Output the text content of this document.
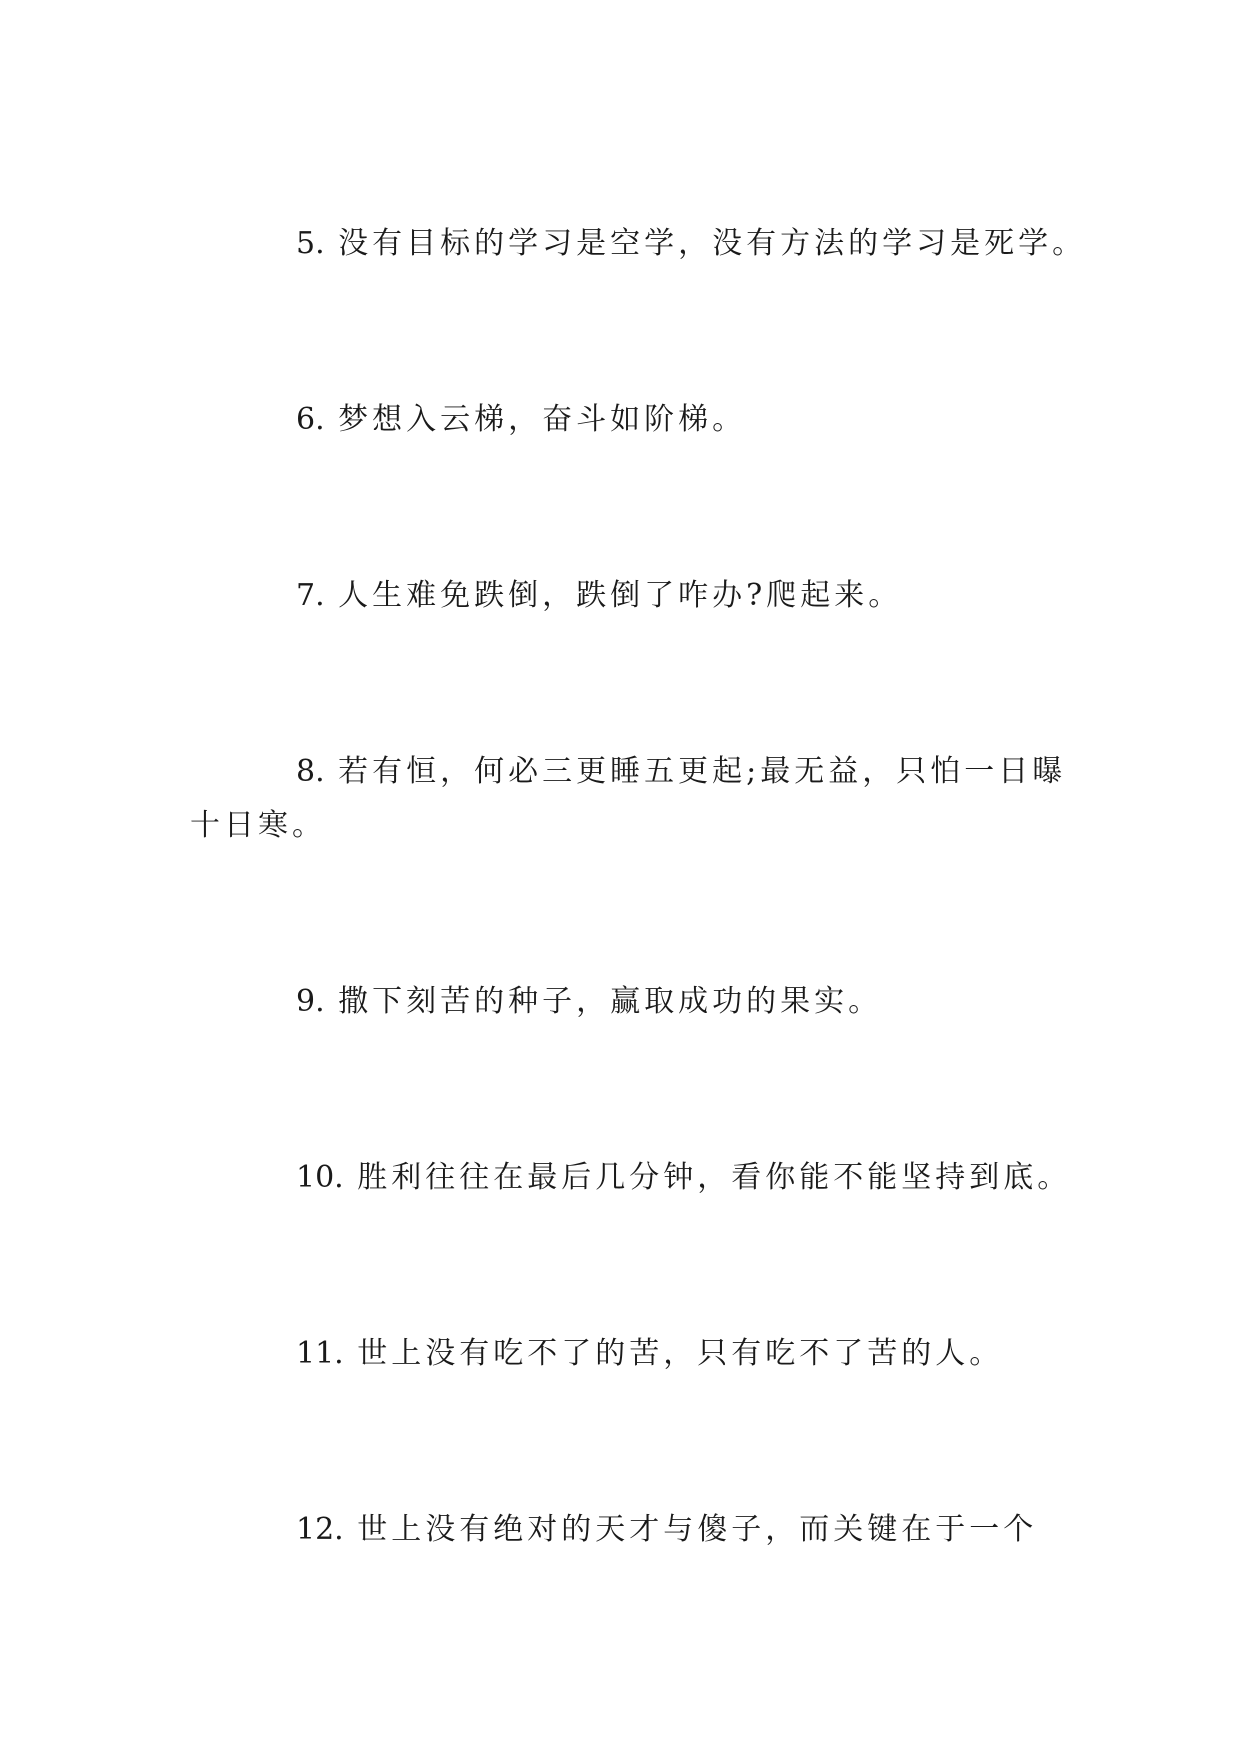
5. 没有目标的学习是空学，没有方法的学习是死学。
6. 梦想入云梯，奋斗如阶梯。
7. 人生难免跌倒，跌倒了咋办?爬起来。
8. 若有恒，何必三更睡五更起;最无益，只怕一日曝
十日寒。
9. 撒下刻苦的种子，赢取成功的果实。
10. 胜利往往在最后几分钟，看你能不能坚持到底。
11. 世上没有吃不了的苦，只有吃不了苦的人。
12. 世上没有绝对的天才与傻子，而关键在于一个
